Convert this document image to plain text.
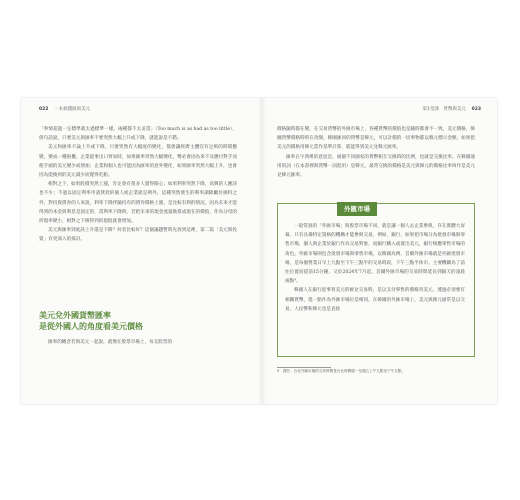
022 一本搞懂匯與美元

「事情超過一定標準就太過標準一樣，兩種都不太妥當」（Too much is as bad as too little），俗句話說，只要美元與匯率不要突然大幅上升或下降，就能說是不錯。

美元和匯率不論上升或下降，只要突然有大幅度的變化，都會讓經濟主體沒有足夠的時間應變，變成一種困擾。企業從事出口貿易時，如果匯率突然大幅變化，勢必會因為來不及應付對手而使手頭的美元變少或增加；企業和個人也可能因為匯率的意外變化，如果匯率突然大幅上升，也會因為能換到的美元減少而覺得吃虧。

相對之下，如果股價突然上漲，肯定會有很多人覺得開心；如果利率突然下降，高興的人應該也不少；不過以固定利率申請貸款的個人或企業就是例外。這種突然發生的利率調降屬於損料之外，對投資債券的人來說，利率下降伴隨持有的債券價格上漲，是比較有利的情況。因為未來才能得到的本金與利息是固定的，當利率下降時，若把未來的現金流量換算成現在的價值，作為分母的折現率變小，相對之下換得到的現值就會增加。

美元與匯率到底該上升還是下降？何者比較好？這個議題暫時先放到這裡，第二篇「美元與投資」有更深入的探討。

美元兌外國貨幣匯率
是從外國人的角度看美元價格

匯率的概念若與美元一起說，就像在股票市場上，每支股票的

第1堂課　貨幣與美元 023

價格隨時都在變，在交易貨幣的外匯市場上，各種貨幣的價值也是隨時都會不一致，美元價格、韓圜貨幣價格時時在改變。韓圜匯同的貨幣是韓元，可以計價的一切事物都以韓元標示金額，如果把美元的價格用韓元當作基準計算，就能得到美元兌韓元匯率。

匯率在字典裡的意思是，兩個不同國家的貨幣相互交換時的比例，也就是交換比率。在韓國通用的詞（在本書裡與貨幣一詞混用）是韓元，最常交換的價格是美元與韓元的價格比率叫作是美元兌韓元匯率。

外匯市場

一般常說的「外匯市場」與股票市場不同，就是讓一個人去企業參與，存在實體大屏幕，只有具備特定資格的機構才能參與交易，例如，銀行，如果把市場分為批發市場與零售市場，個人與企業於銀行作為交易對象，而銀行購入或賣出美元，銀行相應零售市場的角色。外匯市場則包含批發市場與零售市場，以韓國為例，首爾外匯市場就是外匯批發市場，是每個營業日早上九點至下午三點半的交易時段，下午三點半休市。主要機關為了前往位置而提前15分鐘，又於2024年7月起，首爾外匯市場的交易時間延長到隔天的凌晨兩點⁹。

韓國人在銀行從事買美元的匯兌交易時，是以支付零售的價格買美元，透過必須要有相關貨幣，進一點作為外匯市場位是相同，在韓國的外匯市場上，美元與韓元通常是以交易，人民幣和韓元也是直接

9　譯註：台北外匯市場的交易時間是台北時間週一至週五上午九點至下午五點。
